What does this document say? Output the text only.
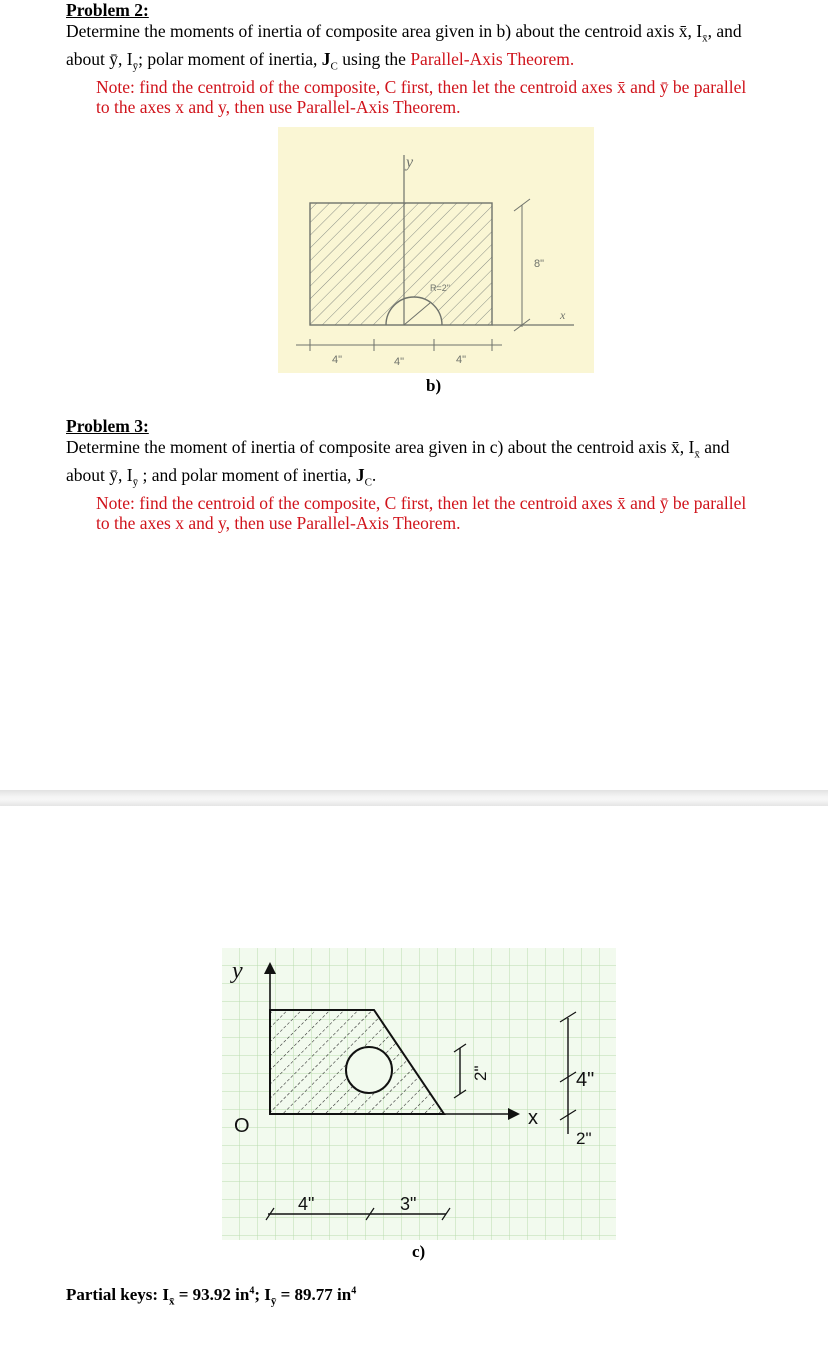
Problem 2:
Determine the moments of inertia of composite area given in b) about the centroid axis x̄, $I_{x̄}$, and
about ȳ, $I_ȳ$; polar moment of inertia, $J_C$ using the Parallel-Axis Theorem.
Note: find the centroid of the composite, C first, then let the centroid axes x̄ and ȳ be parallel
to the axes x and y, then use Parallel-Axis Theorem.
y
R=2"
x
8"
4"	4"	4"
b)
Problem 3:
Determine the moment of inertia of composite area given in c) about the centroid axis x̄, $I_{x̄}$ and
about ȳ, $I_ȳ$ ; and polar moment of inertia, $J_C$.
Note: find the centroid of the composite, C first, then let the centroid axes x̄ and ȳ be parallel
to the axes x and y, then use Parallel-Axis Theorem.
y
x
O
2"	4"
2"
4"	3"
c)
Partial keys: $I_{x̄} = 93.92$ $in^4$; $I_ȳ = 89.77$ $in^4$
